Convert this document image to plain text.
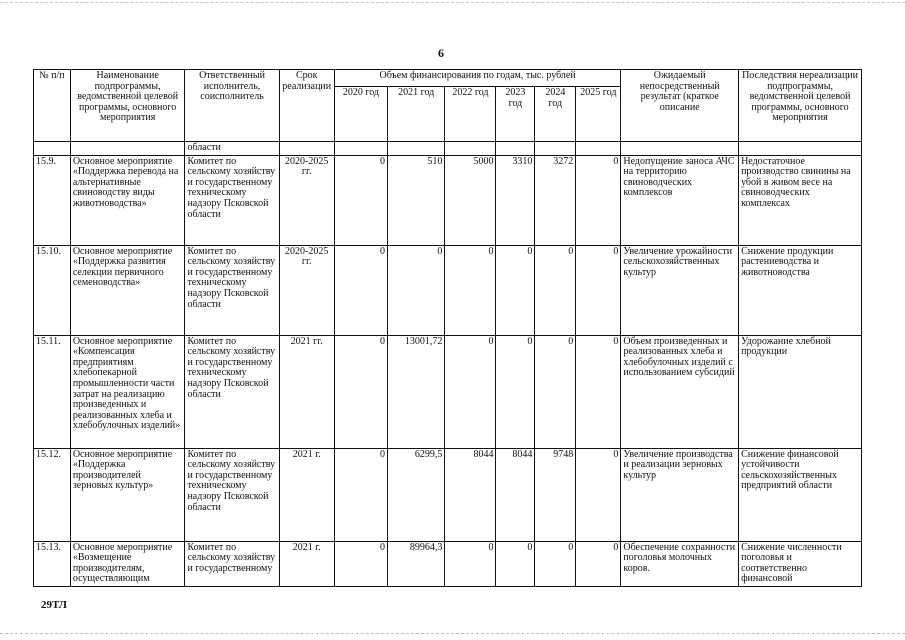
6
№ п/п	Наименование подпрограммы, ведомственной целевой программы, основного мероприятия	Ответственный исполнитель, соисполнитель	Срок реализации	Объем финансирования по годам, тыс. рублей						Ожидаемый непосредственный результат (краткое описание	Последствия нереализации подпрограммы, ведомственной целевой программы, основного мероприятия
				2020 год	2021 год	2022 год	2023 год	2024 год	2025 год		
		области									
15.9.	Основное мероприятие «Поддержка перевода на альтернативные свиноводству виды животноводства»	Комитет по сельскому хозяйству и государственному техническому надзору Псковской области	2020-2025 гг.	0	510	5000	3310	3272	0	Недопущение заноса АЧС на территорию свиноводческих комплексов	Недостаточное производство свинины на убой в живом весе на свиноводческих комплексах
15.10.	Основное мероприятие «Поддержка развития селекции первичного семеноводства»	Комитет по сельскому хозяйству и государственному техническому надзору Псковской области	2020-2025 гг.	0	0	0	0	0	0	Увеличение урожайности сельскохозяйственных культур	Снижение продукции растениеводства и животноводства
15.11.	Основное мероприятие «Компенсация предприятиям хлебопекарной промышленности части затрат на реализацию произведенных и реализованных хлеба и хлебобулочных изделий»	Комитет по сельскому хозяйству и государственному техническому надзору Псковской области	2021 гг.	0	13001,72	0	0	0	0	Объем произведенных и реализованных хлеба и хлебобулочных изделий с использованием субсидий	Удорожание хлебной продукции
15.12.	Основное мероприятие «Поддержка производителей зерновых культур»	Комитет по сельскому хозяйству и государственному техническому надзору Псковской области	2021 г.	0	6299,5	8044	8044	9748	0	Увеличение производства и реализации зерновых культур	Снижение финансовой устойчивости сельскохозяйственных предприятий области
15.13.	Основное мероприятие «Возмещение производителям, осуществляющим	Комитет по сельскому хозяйству и государственному	2021 г.	0	89964,3	0	0	0	0	Обеспечение сохранности поголовья молочных коров.	Снижение численности поголовья и соответственно финансовой
29ТЛ
